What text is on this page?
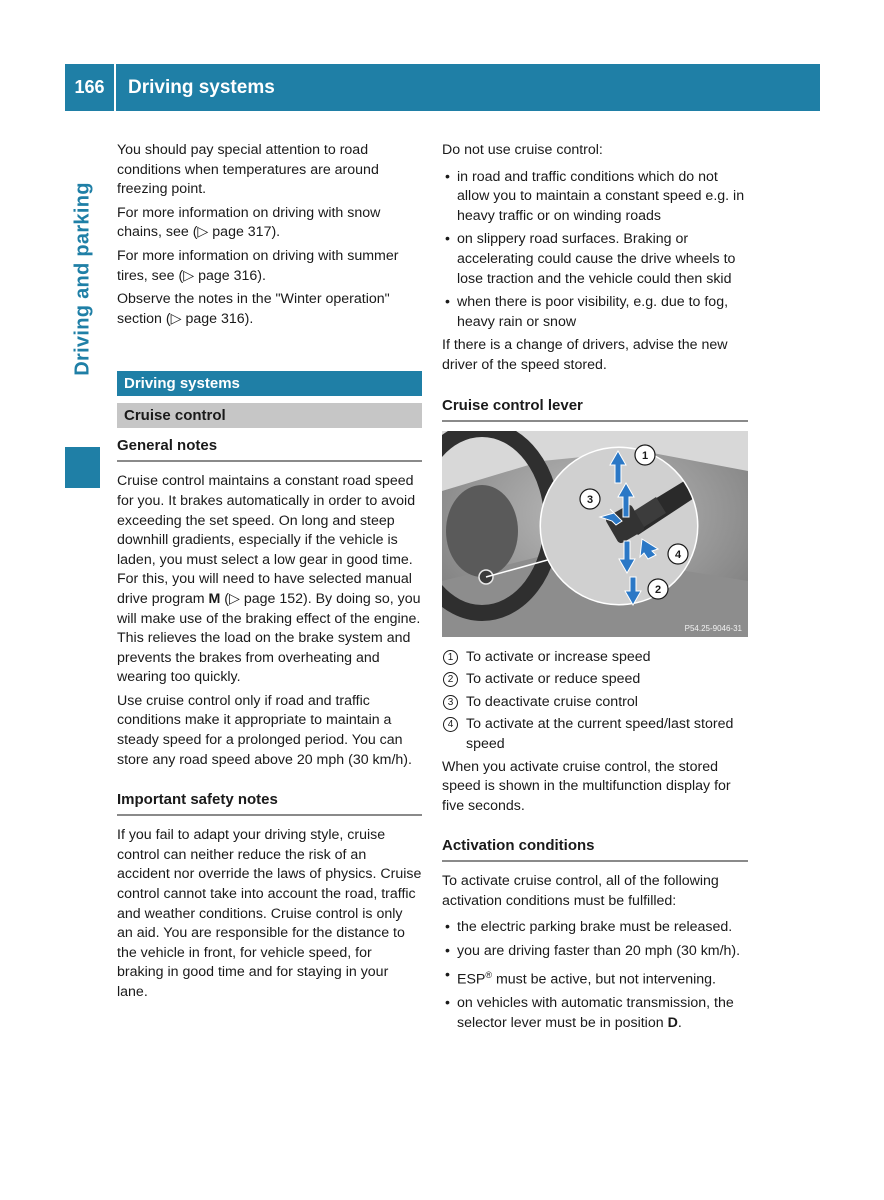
166	Driving systems
Driving and parking

You should pay special attention to road conditions when temperatures are around freezing point.

For more information on driving with snow chains, see (▷ page 317).

For more information on driving with summer tires, see (▷ page 316).

Observe the notes in the "Winter operation" section (▷ page 316).

Driving systems
Cruise control
General notes

Cruise control maintains a constant road speed for you. It brakes automatically in order to avoid exceeding the set speed. On long and steep downhill gradients, especially if the vehicle is laden, you must select a low gear in good time. For this, you will need to have selected manual drive program M (▷ page 152). By doing so, you will make use of the braking effect of the engine. This relieves the load on the brake system and prevents the brakes from overheating and wearing too quickly.

Use cruise control only if road and traffic conditions make it appropriate to maintain a steady speed for a prolonged period. You can store any road speed above 20 mph (30 km/h).

Important safety notes

If you fail to adapt your driving style, cruise control can neither reduce the risk of an accident nor override the laws of physics. Cruise control cannot take into account the road, traffic and weather conditions. Cruise control is only an aid. You are responsible for the distance to the vehicle in front, for vehicle speed, for braking in good time and for staying in your lane.

Do not use cruise control:

• in road and traffic conditions which do not allow you to maintain a constant speed e.g. in heavy traffic or on winding roads
• on slippery road surfaces. Braking or accelerating could cause the drive wheels to lose traction and the vehicle could then skid
• when there is poor visibility, e.g. due to fog, heavy rain or snow

If there is a change of drivers, advise the new driver of the speed stored.

Cruise control lever
1
2
3
4
P54.25-9046-31
1 To activate or increase speed
2 To activate or reduce speed
3 To deactivate cruise control
4 To activate at the current speed/last stored speed

When you activate cruise control, the stored speed is shown in the multifunction display for five seconds.

Activation conditions

To activate cruise control, all of the following activation conditions must be fulfilled:

• the electric parking brake must be released.
• you are driving faster than 20 mph (30 km/h).
• ESP® must be active, but not intervening.
• on vehicles with automatic transmission, the selector lever must be in position D.
